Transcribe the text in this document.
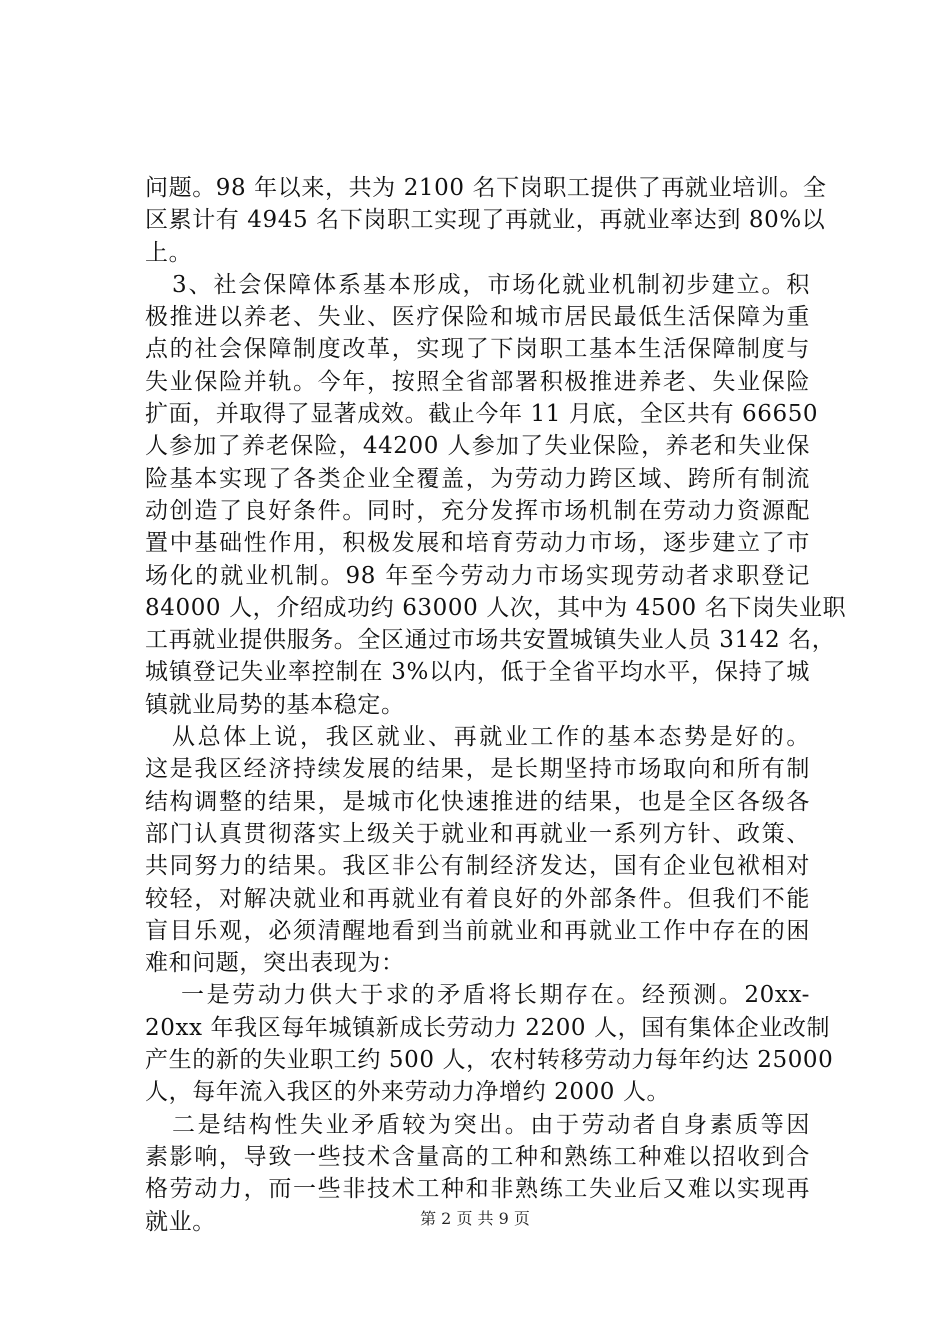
问题。98 年以来，共为 2100 名下岗职工提供了再就业培训。全
区累计有 4945 名下岗职工实现了再就业，再就业率达到 80%以
上。
3、社会保障体系基本形成，市场化就业机制初步建立。积
极推进以养老、失业、医疗保险和城市居民最低生活保障为重
点的社会保障制度改革，实现了下岗职工基本生活保障制度与
失业保险并轨。今年，按照全省部署积极推进养老、失业保险
扩面，并取得了显著成效。截止今年 11 月底，全区共有 66650
人参加了养老保险，44200 人参加了失业保险，养老和失业保
险基本实现了各类企业全覆盖，为劳动力跨区域、跨所有制流
动创造了良好条件。同时，充分发挥市场机制在劳动力资源配
置中基础性作用，积极发展和培育劳动力市场，逐步建立了市
场化的就业机制。98 年至今劳动力市场实现劳动者求职登记
84000 人，介绍成功约 63000 人次，其中为 4500 名下岗失业职
工再就业提供服务。全区通过市场共安置城镇失业人员 3142 名，
城镇登记失业率控制在 3%以内，低于全省平均水平，保持了城
镇就业局势的基本稳定。
从总体上说，我区就业、再就业工作的基本态势是好的。
这是我区经济持续发展的结果，是长期坚持市场取向和所有制
结构调整的结果，是城市化快速推进的结果，也是全区各级各
部门认真贯彻落实上级关于就业和再就业一系列方针、政策、
共同努力的结果。我区非公有制经济发达，国有企业包袱相对
较轻，对解决就业和再就业有着良好的外部条件。但我们不能
盲目乐观，必须清醒地看到当前就业和再就业工作中存在的困
难和问题，突出表现为：
一是劳动力供大于求的矛盾将长期存在。经预测。20xx-
20xx 年我区每年城镇新成长劳动力 2200 人，国有集体企业改制
产生的新的失业职工约 500 人，农村转移劳动力每年约达 25000
人，每年流入我区的外来劳动力净增约 2000 人。
二是结构性失业矛盾较为突出。由于劳动者自身素质等因
素影响，导致一些技术含量高的工种和熟练工种难以招收到合
格劳动力，而一些非技术工种和非熟练工失业后又难以实现再
就业。	第 2 页 共 9 页
